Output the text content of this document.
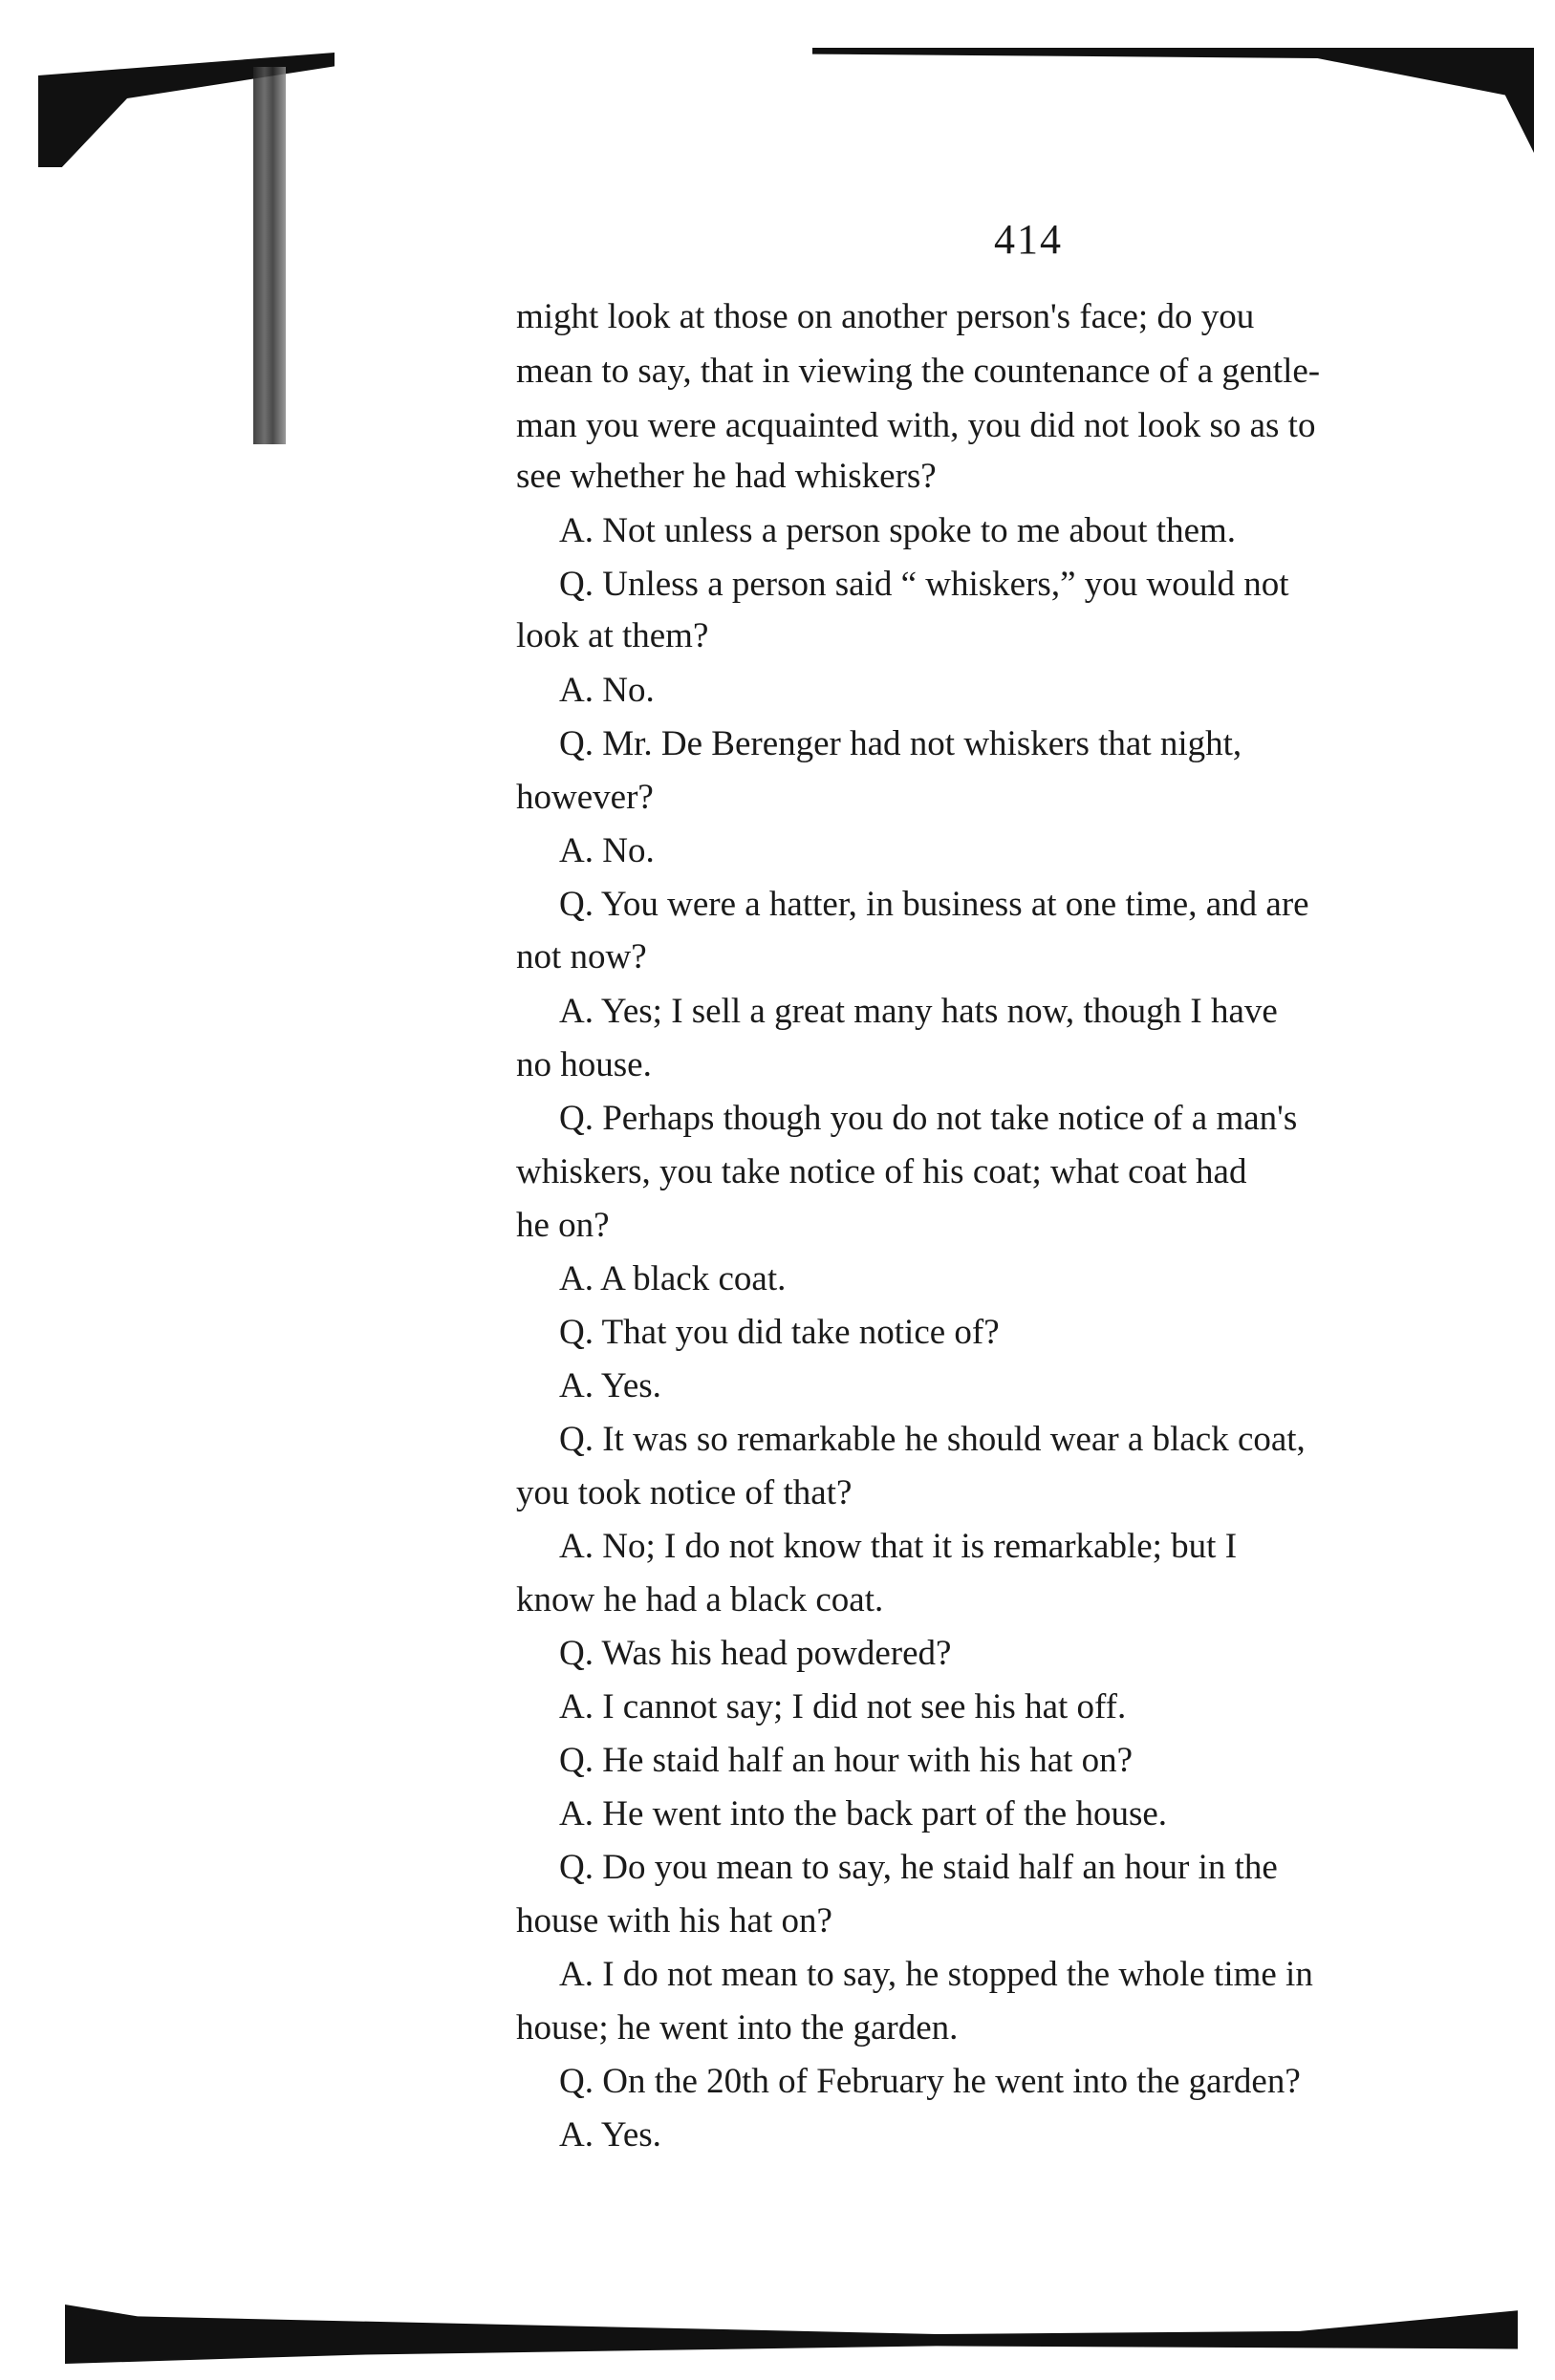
414
might look at those on another person's face; do you
mean to say, that in viewing the countenance of a gentle-
man you were acquainted with, you did not look so as to
see whether he had whiskers?
A. Not unless a person spoke to me about them.
Q. Unless a person said “ whiskers,” you would not
look at them?
A. No.
Q. Mr. De Berenger had not whiskers that night,
however?
A. No.
Q. You were a hatter, in business at one time, and are
not now?
A. Yes; I sell a great many hats now, though I have
no house.
Q. Perhaps though you do not take notice of a man's
whiskers, you take notice of his coat; what coat had
he on?
A. A black coat.
Q. That you did take notice of?
A. Yes.
Q. It was so remarkable he should wear a black coat,
you took notice of that?
A. No; I do not know that it is remarkable; but I
know he had a black coat.
Q. Was his head powdered?
A. I cannot say; I did not see his hat off.
Q. He staid half an hour with his hat on?
A. He went into the back part of the house.
Q. Do you mean to say, he staid half an hour in the
house with his hat on?
A. I do not mean to say, he stopped the whole time in
house; he went into the garden.
Q. On the 20th of February he went into the garden?
A. Yes.
